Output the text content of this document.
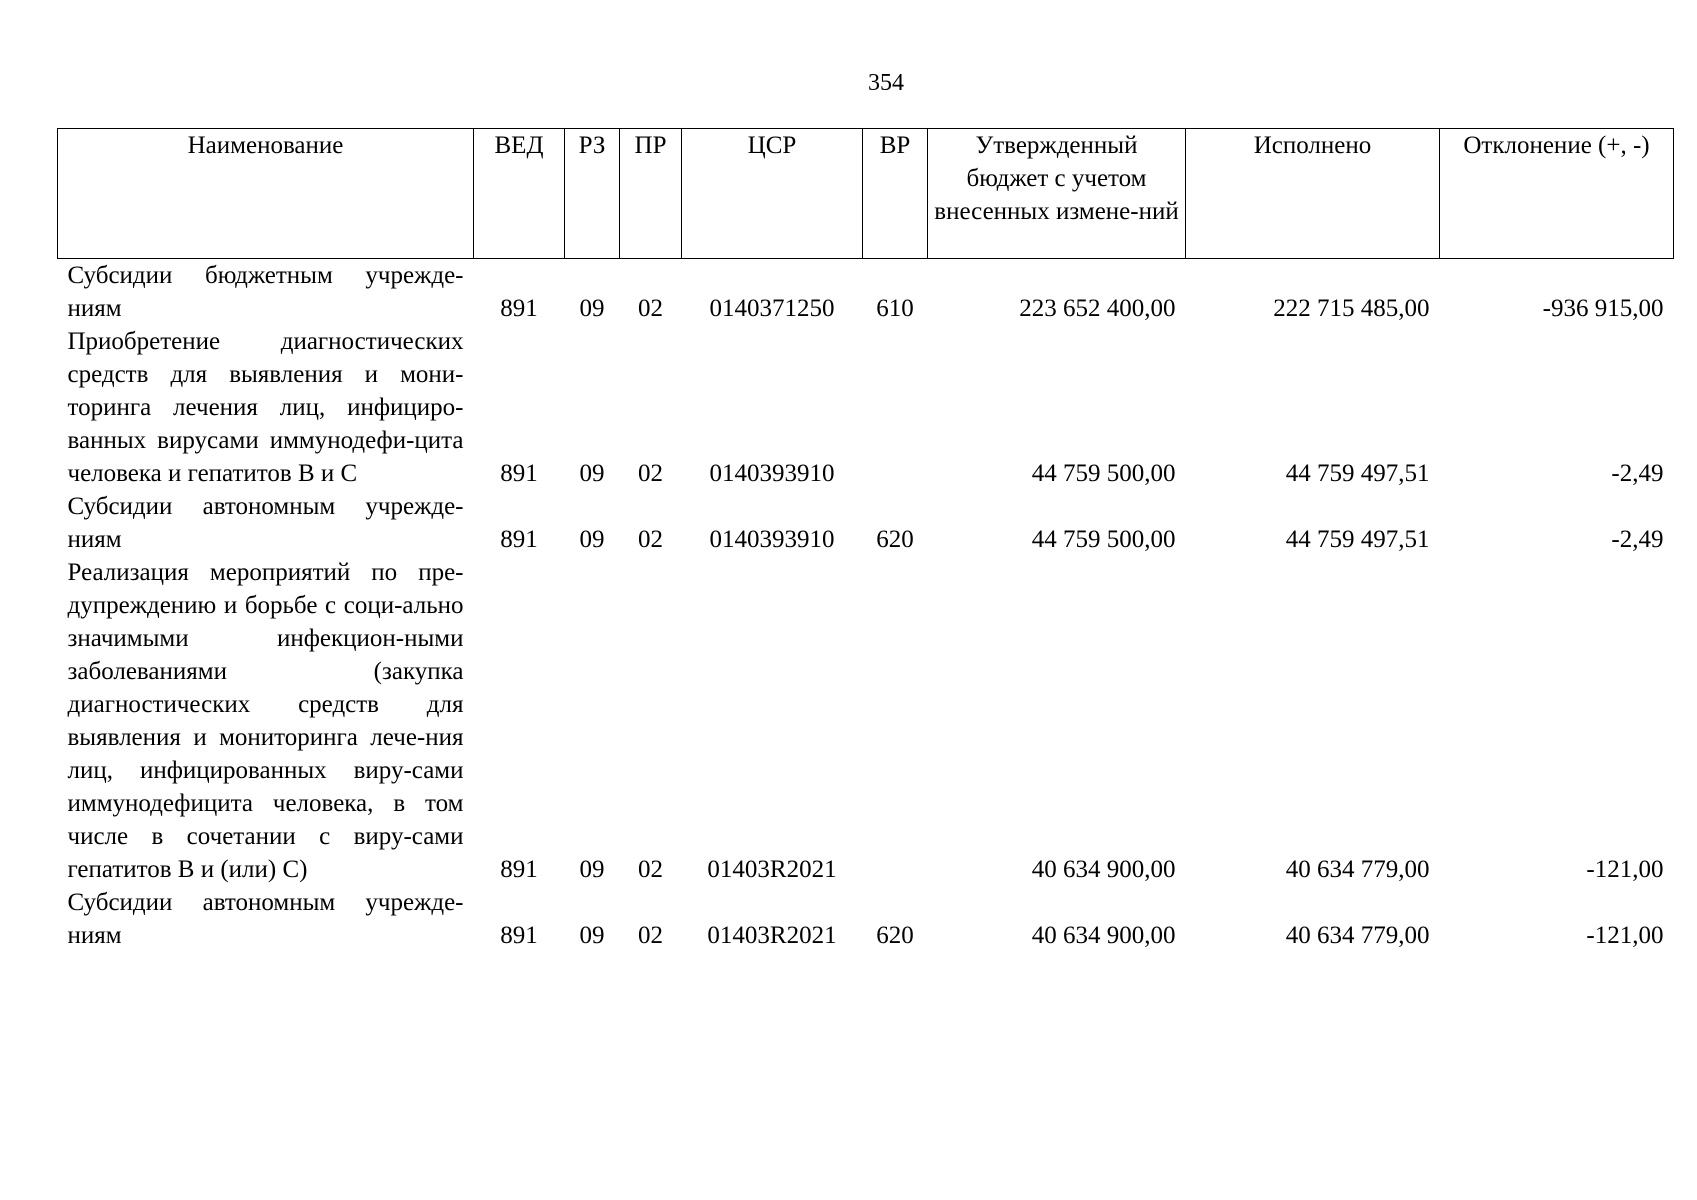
354
Наименование	ВЕД	РЗ	ПР	ЦСР	ВР	Утвержденный бюджет с учетом внесенных измене-ний	Исполнено	Отклонение (+, -)
Субсидии бюджетным учрежде-ниям	891	09	02	0140371250	610	223 652 400,00	222 715 485,00	-936 915,00
Приобретение диагностических средств для выявления и мони-торинга лечения лиц, инфициро-ванных вирусами иммунодефи-цита человека и гепатитов B и C	891	09	02	0140393910		44 759 500,00	44 759 497,51	-2,49
Субсидии автономным учрежде-ниям	891	09	02	0140393910	620	44 759 500,00	44 759 497,51	-2,49
Реализация мероприятий по пре-дупреждению и борьбе с соци-ально значимыми инфекцион-ными заболеваниями (закупка диагностических средств для выявления и мониторинга лече-ния лиц, инфицированных виру-сами иммунодефицита человека, в том числе в сочетании с виру-сами гепатитов B и (или) C)	891	09	02	01403R2021		40 634 900,00	40 634 779,00	-121,00
Субсидии автономным учрежде-ниям	891	09	02	01403R2021	620	40 634 900,00	40 634 779,00	-121,00
